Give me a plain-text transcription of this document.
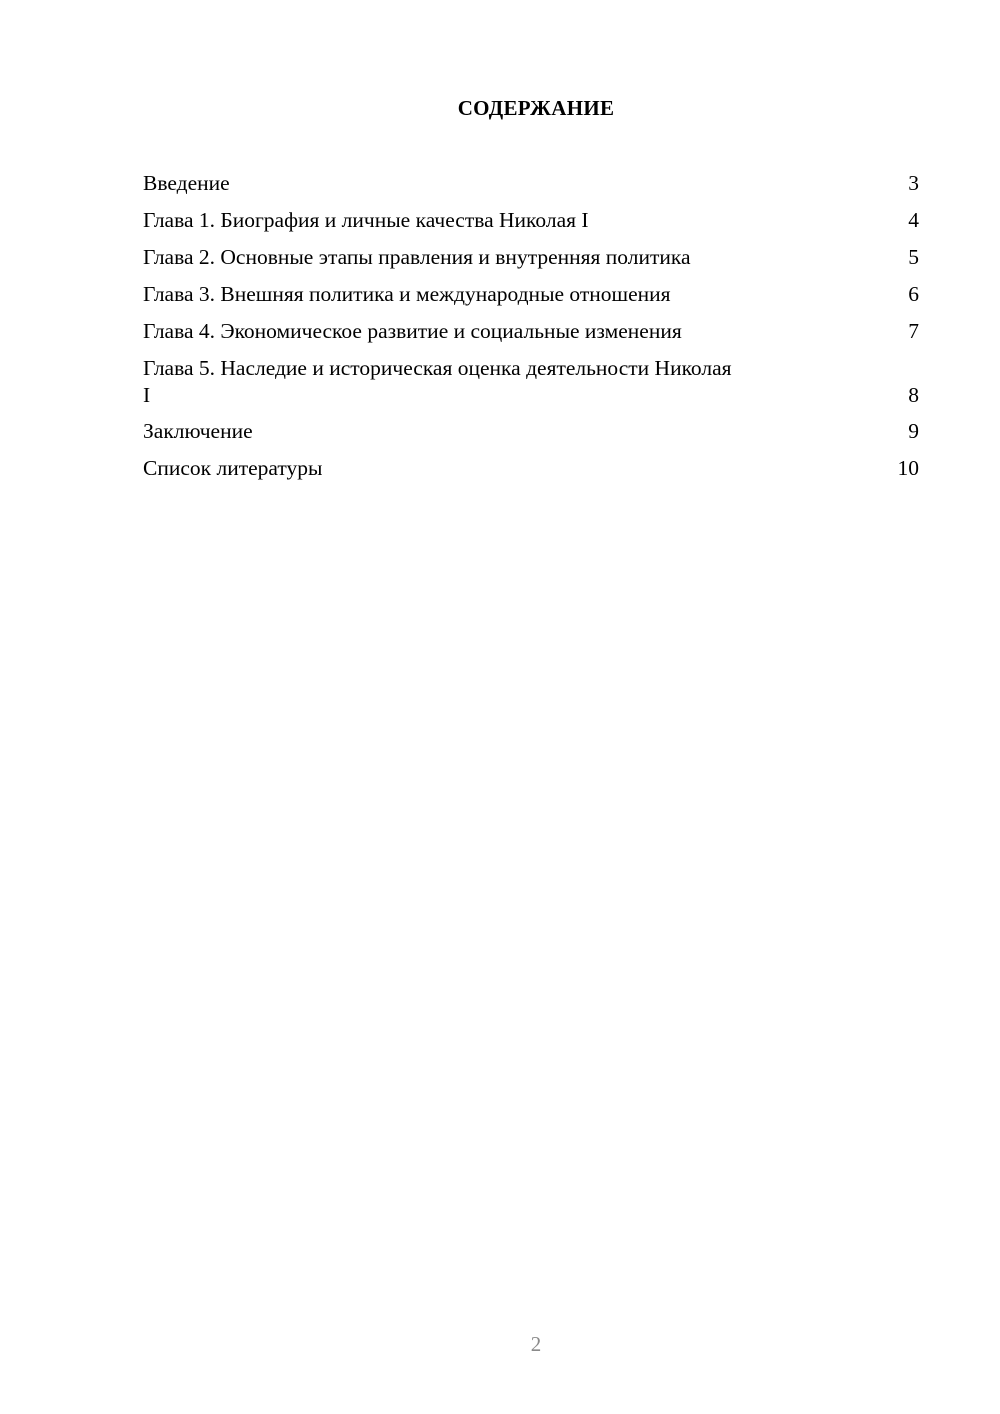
СОДЕРЖАНИЕ
Введение	3
Глава 1. Биография и личные качества Николая I	4
Глава 2. Основные этапы правления и внутренняя политика	5
Глава 3. Внешняя политика и международные отношения	6
Глава 4. Экономическое развитие и социальные изменения	7
Глава 5. Наследие и историческая оценка деятельности Николая I	8
Заключение	9
Список литературы	10
2
